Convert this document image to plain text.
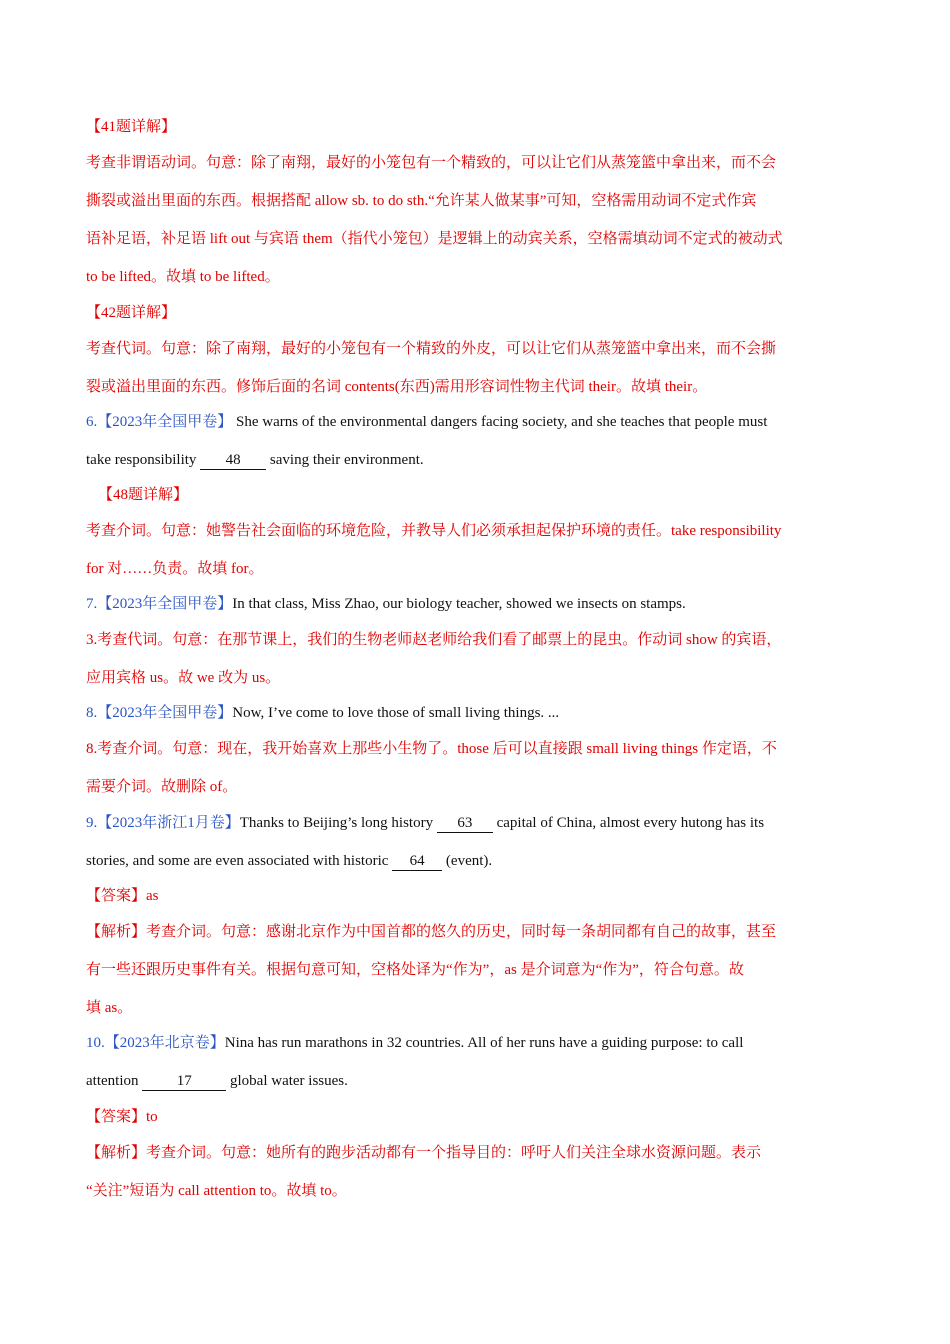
【41题详解】
考查非谓语动词。句意：除了南翔，最好的小笼包有一个精致的，可以让它们从蒸笼篮中拿出来，而不会
撕裂或溢出里面的东西。根据搭配 allow sb. to do sth.“允许某人做某事”可知，空格需用动词不定式作宾
语补足语，补足语 lift out 与宾语 them（指代小笼包）是逻辑上的动宾关系，空格需填动词不定式的被动式
to be lifted。故填 to be lifted。
【42题详解】
考查代词。句意：除了南翔，最好的小笼包有一个精致的外皮，可以让它们从蒸笼篮中拿出来，而不会撕
裂或溢出里面的东西。修饰后面的名词 contents(东西)需用形容词性物主代词 their。故填 their。
6.【2023年全国甲卷】 She warns of the environmental dangers facing society, and she teaches that people must
take responsibility 48 saving their environment.
【48题详解】
考查介词。句意：她警告社会面临的环境危险，并教导人们必须承担起保护环境的责任。take responsibility
for 对……负责。故填 for。
7.【2023年全国甲卷】In that class, Miss Zhao, our biology teacher, showed we insects on stamps.
3.考查代词。句意：在那节课上，我们的生物老师赵老师给我们看了邮票上的昆虫。作动词 show 的宾语，
应用宾格 us。故 we 改为 us。
8.【2023年全国甲卷】Now, I’ve come to love those of small living things. ...
8.考查介词。句意：现在，我开始喜欢上那些小生物了。those 后可以直接跟 small living things 作定语，不
需要介词。故删除 of。
9.【2023年浙江1月卷】Thanks to Beijing’s long history 63 capital of China, almost every hutong has its
stories, and some are even associated with historic 64 (event).
【答案】as
【解析】考查介词。句意：感谢北京作为中国首都的悠久的历史，同时每一条胡同都有自己的故事，甚至
有一些还跟历史事件有关。根据句意可知，空格处译为“作为”，as 是介词意为“作为”，符合句意。故
填 as。
10.【2023年北京卷】Nina has run marathons in 32 countries. All of her runs have a guiding purpose: to call
attention 17 global water issues.
【答案】to
【解析】考查介词。句意：她所有的跑步活动都有一个指导目的：呼吁人们关注全球水资源问题。表示
“关注”短语为 call attention to。故填 to。
